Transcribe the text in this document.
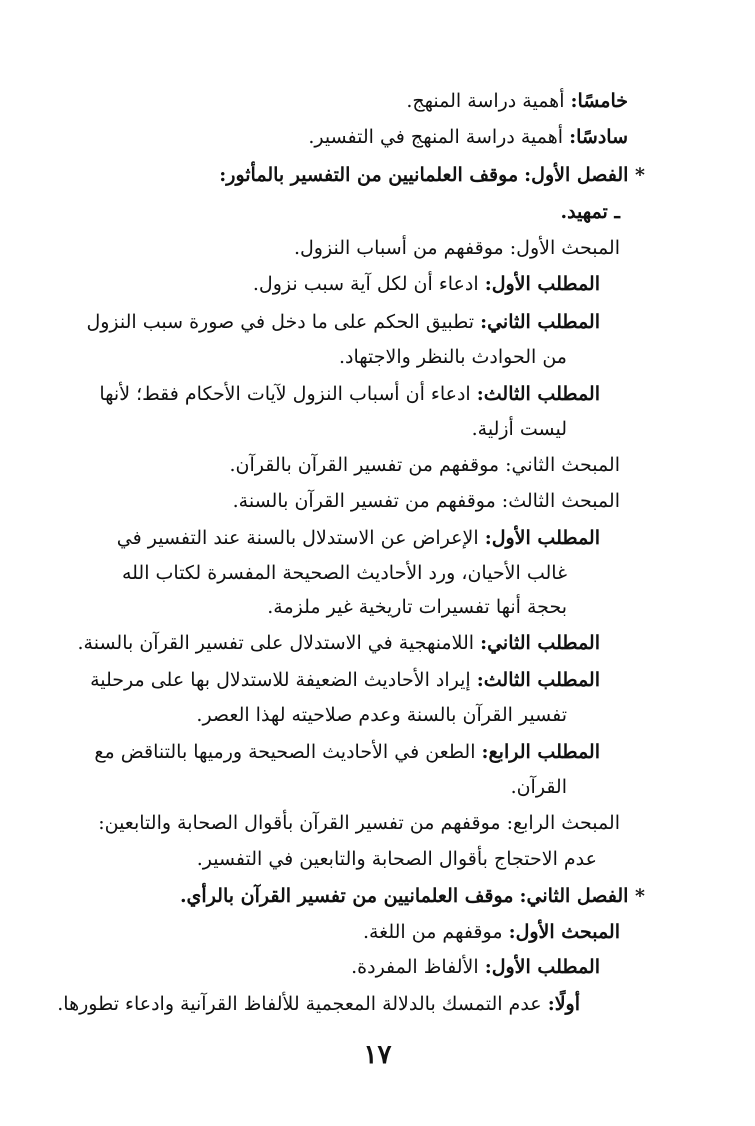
خامسًا: أهمية دراسة المنهج.
سادسًا: أهمية دراسة المنهج في التفسير.
* الفصل الأول: موقف العلمانيين من التفسير بالمأثور:
ـ تمهيد.
المبحث الأول: موقفهم من أسباب النزول.
المطلب الأول: ادعاء أن لكل آية سبب نزول.
المطلب الثاني: تطبيق الحكم على ما دخل في صورة سبب النزول
من الحوادث بالنظر والاجتهاد.
المطلب الثالث: ادعاء أن أسباب النزول لآيات الأحكام فقط؛ لأنها
ليست أزلية.
المبحث الثاني: موقفهم من تفسير القرآن بالقرآن.
المبحث الثالث: موقفهم من تفسير القرآن بالسنة.
المطلب الأول: الإعراض عن الاستدلال بالسنة عند التفسير في
غالب الأحيان، ورد الأحاديث الصحيحة المفسرة لكتاب الله
بحجة أنها تفسيرات تاريخية غير ملزمة.
المطلب الثاني: اللامنهجية في الاستدلال على تفسير القرآن بالسنة.
المطلب الثالث: إيراد الأحاديث الضعيفة للاستدلال بها على مرحلية
تفسير القرآن بالسنة وعدم صلاحيته لهذا العصر.
المطلب الرابع: الطعن في الأحاديث الصحيحة ورميها بالتناقض مع
القرآن.
المبحث الرابع: موقفهم من تفسير القرآن بأقوال الصحابة والتابعين:
عدم الاحتجاج بأقوال الصحابة والتابعين في التفسير.
* الفصل الثاني: موقف العلمانيين من تفسير القرآن بالرأي.
المبحث الأول: موقفهم من اللغة.
المطلب الأول: الألفاظ المفردة.
أولًا: عدم التمسك بالدلالة المعجمية للألفاظ القرآنية وادعاء تطورها.
١٧
